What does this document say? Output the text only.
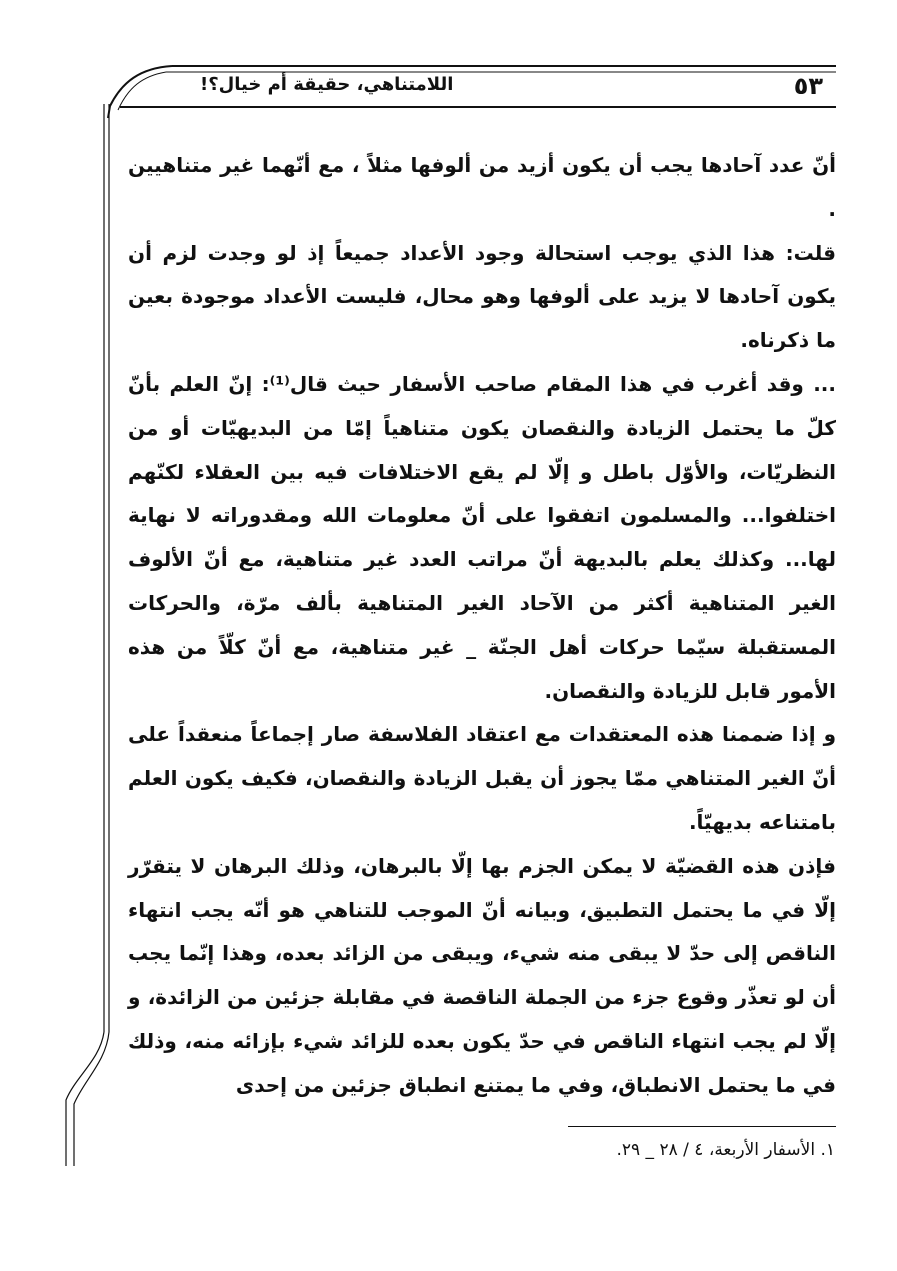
٥٣
اللامتناهي، حقيقة أم خيال؟!

أنّ عدد آحادها يجب أن يكون أزيد من ألوفها مثلاً ، مع أنّهما غير متناهيين .

قلت: هذا الذي يوجب استحالة وجود الأعداد جميعاً إذ لو وجدت لزم أن يكون آحادها لا يزيد على ألوفها وهو محال، فليست الأعداد موجودة بعين ما ذكرناه.

... وقد أغرب في هذا المقام صاحب الأسفار حيث قال⁽¹⁾: إنّ العلم بأنّ كلّ ما يحتمل الزيادة والنقصان يكون متناهياً إمّا من البديهيّات أو من النظريّات، والأوّل باطل و إلّا لم يقع الاختلافات فيه بين العقلاء لكنّهم اختلفوا... والمسلمون اتفقوا على أنّ معلومات الله ومقدوراته لا نهاية لها... وكذلك يعلم بالبديهة أنّ مراتب العدد غير متناهية، مع أنّ الألوف الغير المتناهية أكثر من الآحاد الغير المتناهية بألف مرّة، والحركات المستقبلة سيّما حركات أهل الجنّة _ غير متناهية، مع أنّ كلّاً من هذه الأمور قابل للزيادة والنقصان.

و إذا ضممنا هذه المعتقدات مع اعتقاد الفلاسفة صار إجماعاً منعقداً على أنّ الغير المتناهي ممّا يجوز أن يقبل الزيادة والنقصان، فكيف يكون العلم بامتناعه بديهيّاً.

فإذن هذه القضيّة لا يمكن الجزم بها إلّا بالبرهان، وذلك البرهان لا يتقرّر إلّا في ما يحتمل التطبيق، وبيانه أنّ الموجب للتناهي هو أنّه يجب انتهاء الناقص إلى حدّ لا يبقى منه شيء، ويبقى من الزائد بعده، وهذا إنّما يجب أن لو تعذّر وقوع جزء من الجملة الناقصة في مقابلة جزئين من الزائدة، و إلّا لم يجب انتهاء الناقص في حدّ يكون بعده للزائد شيء بإزائه منه، وذلك في ما يحتمل الانطباق، وفي ما يمتنع انطباق جزئين من إحدى

١. الأسفار الأربعة، ٤ / ٢٨ _ ٢٩.
